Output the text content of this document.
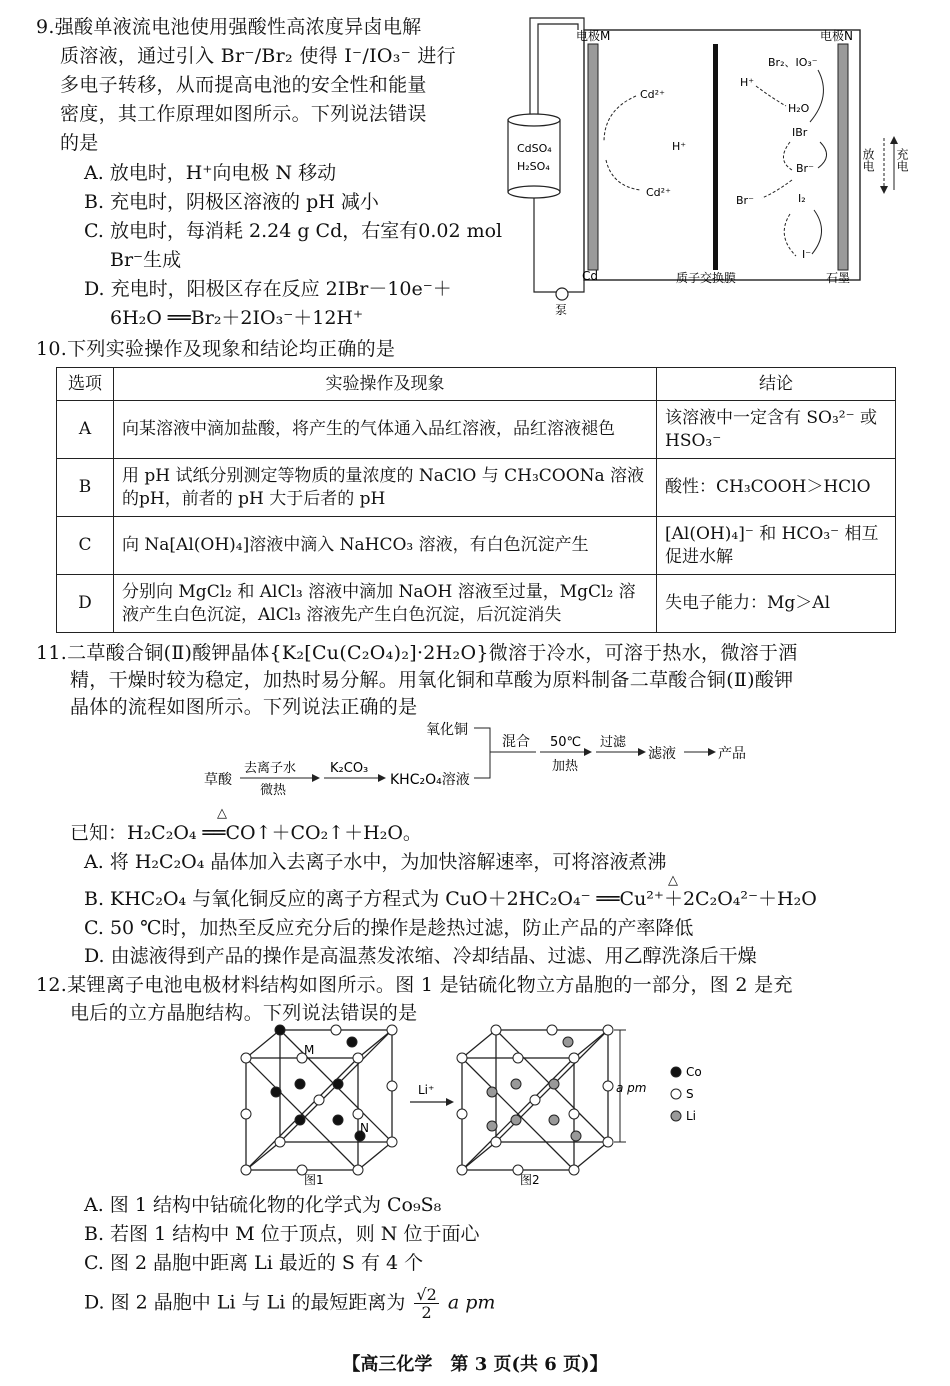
9.强酸单液流电池使用强酸性高浓度异卤电解
质溶液，通过引入 Br⁻/Br₂ 使得 I⁻/IO₃⁻ 进行
多电子转移，从而提高电池的安全性和能量
密度，其工作原理如图所示。下列说法错误
的是
A. 放电时，H⁺向电极 N 移动
B. 充电时，阴极区溶液的 pH 减小
C. 放电时，每消耗 2.24 g Cd，右室有0.02 mol
Br⁻生成
D. 充电时，阳极区存在反应 2IBr－10e⁻＋
6H₂O ══Br₂＋2IO₃⁻＋12H⁺
CdSO₄
H₂SO₄
泵
电极M
Cd	质子交换膜
电极N
石墨
Cd²⁺
Cd²⁺
H⁺
Br₂、IO₃⁻
H⁺
H₂O
IBr
Br⁻
Br⁻	I₂
I⁻
放电 充电
10.下列实验操作及现象和结论均正确的是
选项	实验操作及现象	结论
A	向某溶液中滴加盐酸，将产生的气体通入品红溶液，品红溶液褪色	该溶液中一定含有 SO₃²⁻ 或 HSO₃⁻
B	用 pH 试纸分别测定等物质的量浓度的 NaClO 与 CH₃COONa 溶液的pH，前者的 pH 大于后者的 pH	酸性：CH₃COOH＞HClO
C	向 Na[Al(OH)₄]溶液中滴入 NaHCO₃ 溶液，有白色沉淀产生	[Al(OH)₄]⁻ 和 HCO₃⁻ 相互促进水解
D	分别向 MgCl₂ 和 AlCl₃ 溶液中滴加 NaOH 溶液至过量，MgCl₂ 溶液产生白色沉淀，AlCl₃ 溶液先产生白色沉淀，后沉淀消失	失电子能力：Mg＞Al
11.二草酸合铜(Ⅱ)酸钾晶体{K₂[Cu(C₂O₄)₂]·2H₂O}微溶于冷水，可溶于热水，微溶于酒
精，干燥时较为稳定，加热时易分解。用氧化铜和草酸为原料制备二草酸合铜(Ⅱ)酸钾
晶体的流程如图所示。下列说法正确的是
草酸
去离子水
微热
K₂CO₃
KHC₂O₄溶液
氧化铜
混合 50℃
加热
过滤
滤液	产品
已知：H₂C₂O₄ ══CO↑＋CO₂↑＋H₂O。
△
A. 将 H₂C₂O₄ 晶体加入去离子水中，为加快溶解速率，可将溶液煮沸
B. KHC₂O₄ 与氧化铜反应的离子方程式为 CuO＋2HC₂O₄⁻ ══Cu²⁺＋2C₂O₄²⁻＋H₂O
△
C. 50 ℃时，加热至反应充分后的操作是趁热过滤，防止产品的产率降低
D. 由滤液得到产品的操作是高温蒸发浓缩、冷却结晶、过滤、用乙醇洗涤后干燥
12.某锂离子电池电极材料结构如图所示。图 1 是钴硫化物立方晶胞的一部分，图 2 是充
电后的立方晶胞结构。下列说法错误的是
M
N
图1
Li⁺
图2
a pm
Co
S
Li
A. 图 1 结构中钴硫化物的化学式为 Co₉S₈
B. 若图 1 结构中 M 位于顶点，则 N 位于面心
C. 图 2 晶胞中距离 Li 最近的 S 有 4 个
D. 图 2 晶胞中 Li 与 Li 的最短距离为 $\frac{√2}{2}$ a pm
【高三化学　第 3 页(共 6 页)】
